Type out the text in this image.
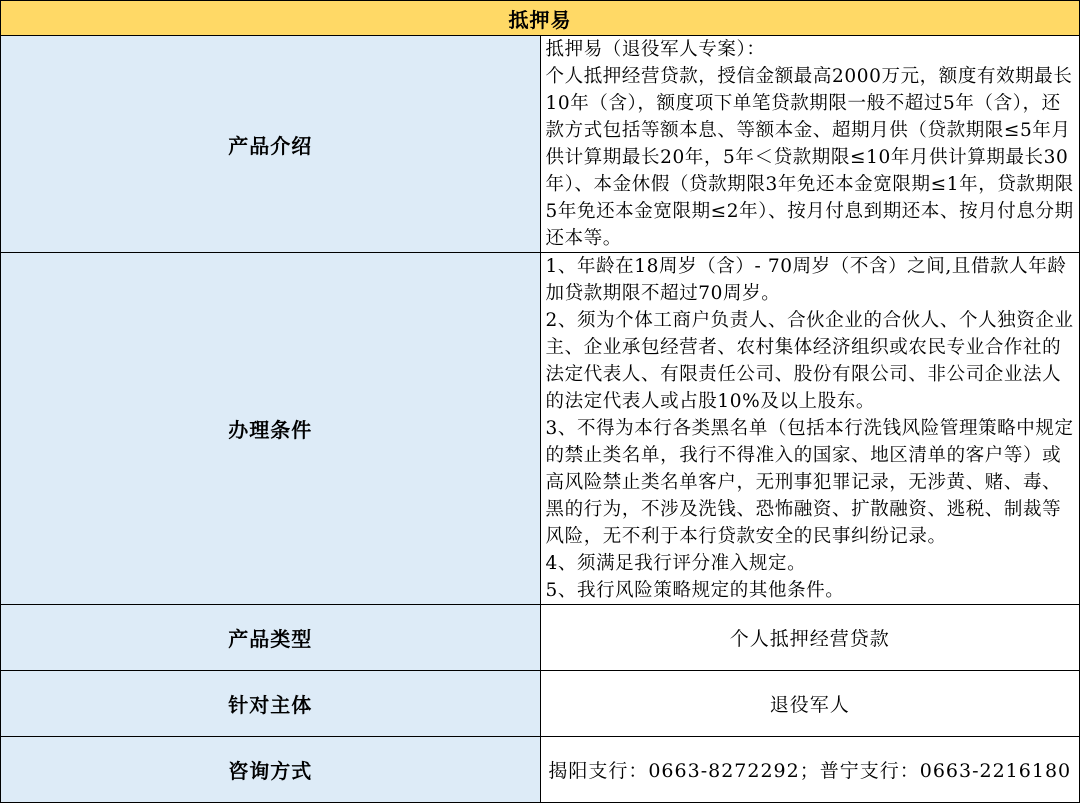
抵押易	
产品介绍	抵押易（退役军人专案）：

个人抵押经营贷款，授信金额最高2000万元，额度有效期最长10年（含），额度项下单笔贷款期限一般不超过5年（含），还款方式包括等额本息、等额本金、超期月供（贷款期限≤5年月供计算期最长20年，5年＜贷款期限≤10年月供计算期最长30年）、本金休假（贷款期限3年免还本金宽限期≤1年，贷款期限5年免还本金宽限期≤2年）、按月付息到期还本、按月付息分期还本等。

办理条件	1、年龄在18周岁（含）- 70周岁（不含）之间,且借款人年龄加贷款期限不超过70周岁。

2、须为个体工商户负责人、合伙企业的合伙人、个人独资企业主、企业承包经营者、农村集体经济组织或农民专业合作社的法定代表人、有限责任公司、股份有限公司、非公司企业法人的法定代表人或占股10%及以上股东。

3、不得为本行各类黑名单（包括本行洗钱风险管理策略中规定的禁止类名单，我行不得准入的国家、地区清单的客户等）或高风险禁止类名单客户，无刑事犯罪记录，无涉黄、赌、毒、黑的行为，不涉及洗钱、恐怖融资、扩散融资、逃税、制裁等风险，无不利于本行贷款安全的民事纠纷记录。

4、须满足我行评分准入规定。

5、我行风险策略规定的其他条件。

产品类型	个人抵押经营贷款
针对主体	退役军人
咨询方式	揭阳支行：0663-8272292；普宁支行：0663-2216180
